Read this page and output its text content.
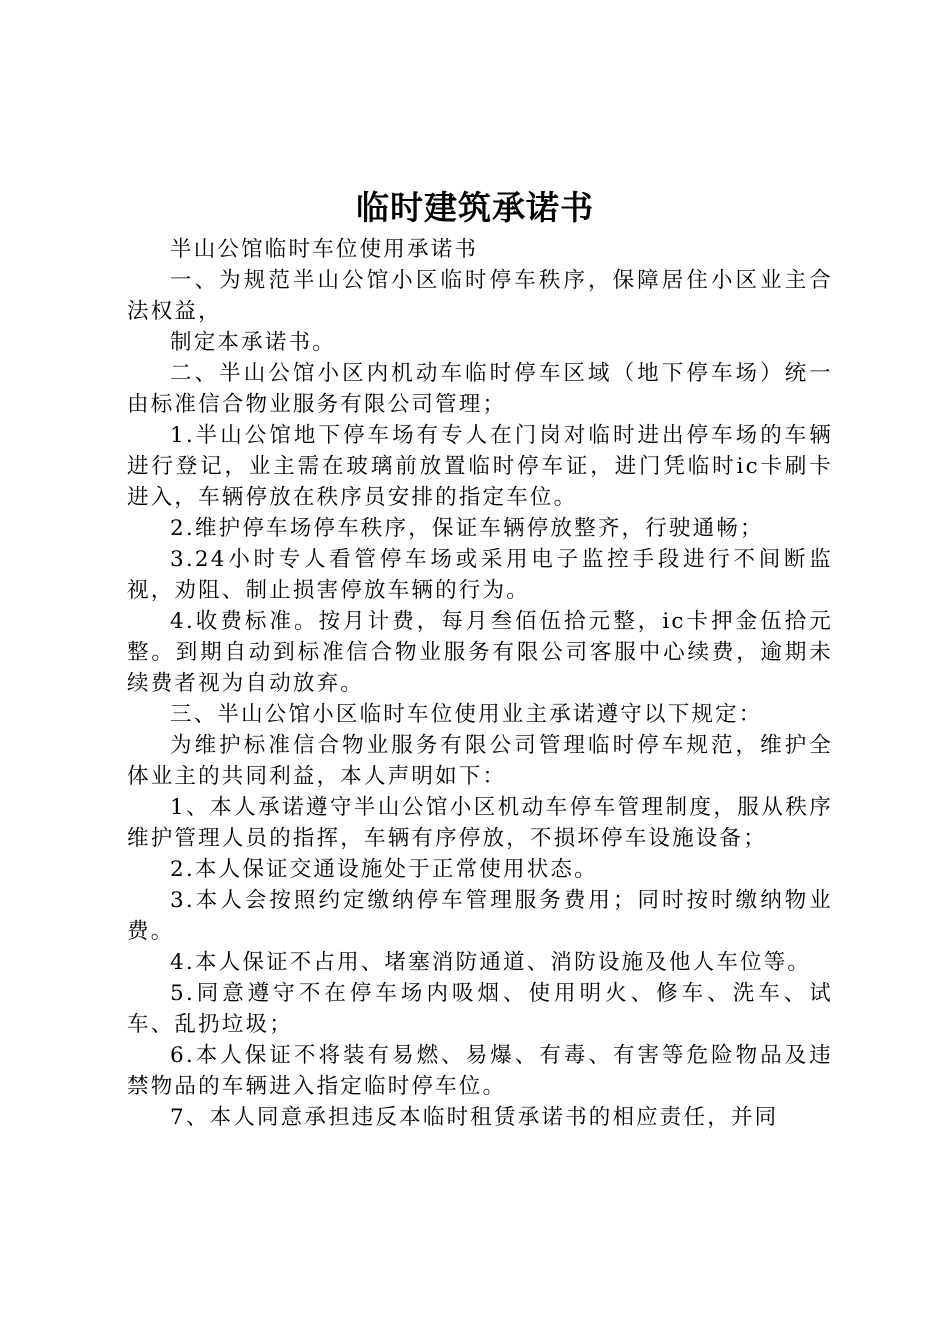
临时建筑承诺书

半山公馆临时车位使用承诺书

一、为规范半山公馆小区临时停车秩序，保障居住小区业主合法权益，

制定本承诺书。

二、半山公馆小区内机动车临时停车区域（地下停车场）统一由标准信合物业服务有限公司管理；

1.半山公馆地下停车场有专人在门岗对临时进出停车场的车辆进行登记，业主需在玻璃前放置临时停车证，进门凭临时ic卡刷卡进入，车辆停放在秩序员安排的指定车位。

2.维护停车场停车秩序，保证车辆停放整齐，行驶通畅；

3.24小时专人看管停车场或采用电子监控手段进行不间断监视，劝阻、制止损害停放车辆的行为。

4.收费标准。按月计费，每月叁佰伍拾元整，ic卡押金伍拾元整。到期自动到标准信合物业服务有限公司客服中心续费，逾期未续费者视为自动放弃。

三、半山公馆小区临时车位使用业主承诺遵守以下规定：

为维护标准信合物业服务有限公司管理临时停车规范，维护全体业主的共同利益，本人声明如下：

1、本人承诺遵守半山公馆小区机动车停车管理制度，服从秩序维护管理人员的指挥，车辆有序停放，不损坏停车设施设备；

2.本人保证交通设施处于正常使用状态。

3.本人会按照约定缴纳停车管理服务费用；同时按时缴纳物业费。

4.本人保证不占用、堵塞消防通道、消防设施及他人车位等。

5.同意遵守不在停车场内吸烟、使用明火、修车、洗车、试车、乱扔垃圾；

6.本人保证不将装有易燃、易爆、有毒、有害等危险物品及违禁物品的车辆进入指定临时停车位。

7、本人同意承担违反本临时租赁承诺书的相应责任，并同
